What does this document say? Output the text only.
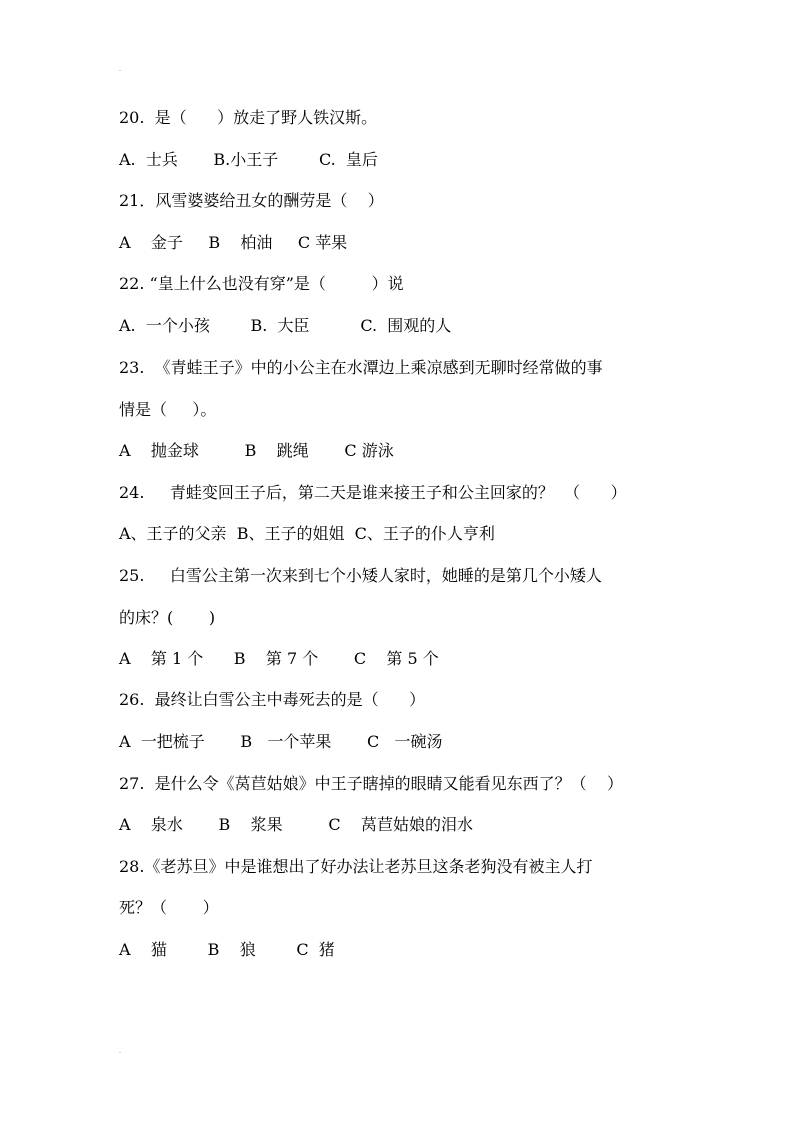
·
20.  是（      ）放走了野人铁汉斯。
A.  士兵       B.小王子        C.  皇后
21．风雪婆婆给丑女的酬劳是（    ）
A    金子     B    柏油     C 苹果
22. “皇上什么也没有穿”是（         ）说
A.  一个小孩        B.  大臣          C.  围观的人
23.  《青蛙王子》中的小公主在水潭边上乘凉感到无聊时经常做的事
情是（     ）。
A    抛金球         B    跳绳       C 游泳
24.     青蛙变回王子后，第二天是谁来接王子和公主回家的？  （      ）
A、王子的父亲  B、王子的姐姐  C、王子的仆人亨利
25.     白雪公主第一次来到七个小矮人家时，她睡的是第几个小矮人
的床？(       )
A    第 1 个      B    第 7 个       C    第 5 个
26.  最终让白雪公主中毒死去的是（      ）
A  一把梳子       B   一个苹果       C   一碗汤
27.  是什么令《莴苣姑娘》中王子瞎掉的眼睛又能看见东西了？（    ）
A    泉水       B    浆果         C    莴苣姑娘的泪水
28.《老苏旦》中是谁想出了好办法让老苏旦这条老狗没有被主人打
死？（       ）
A    猫        B    狼        C  猪
·
